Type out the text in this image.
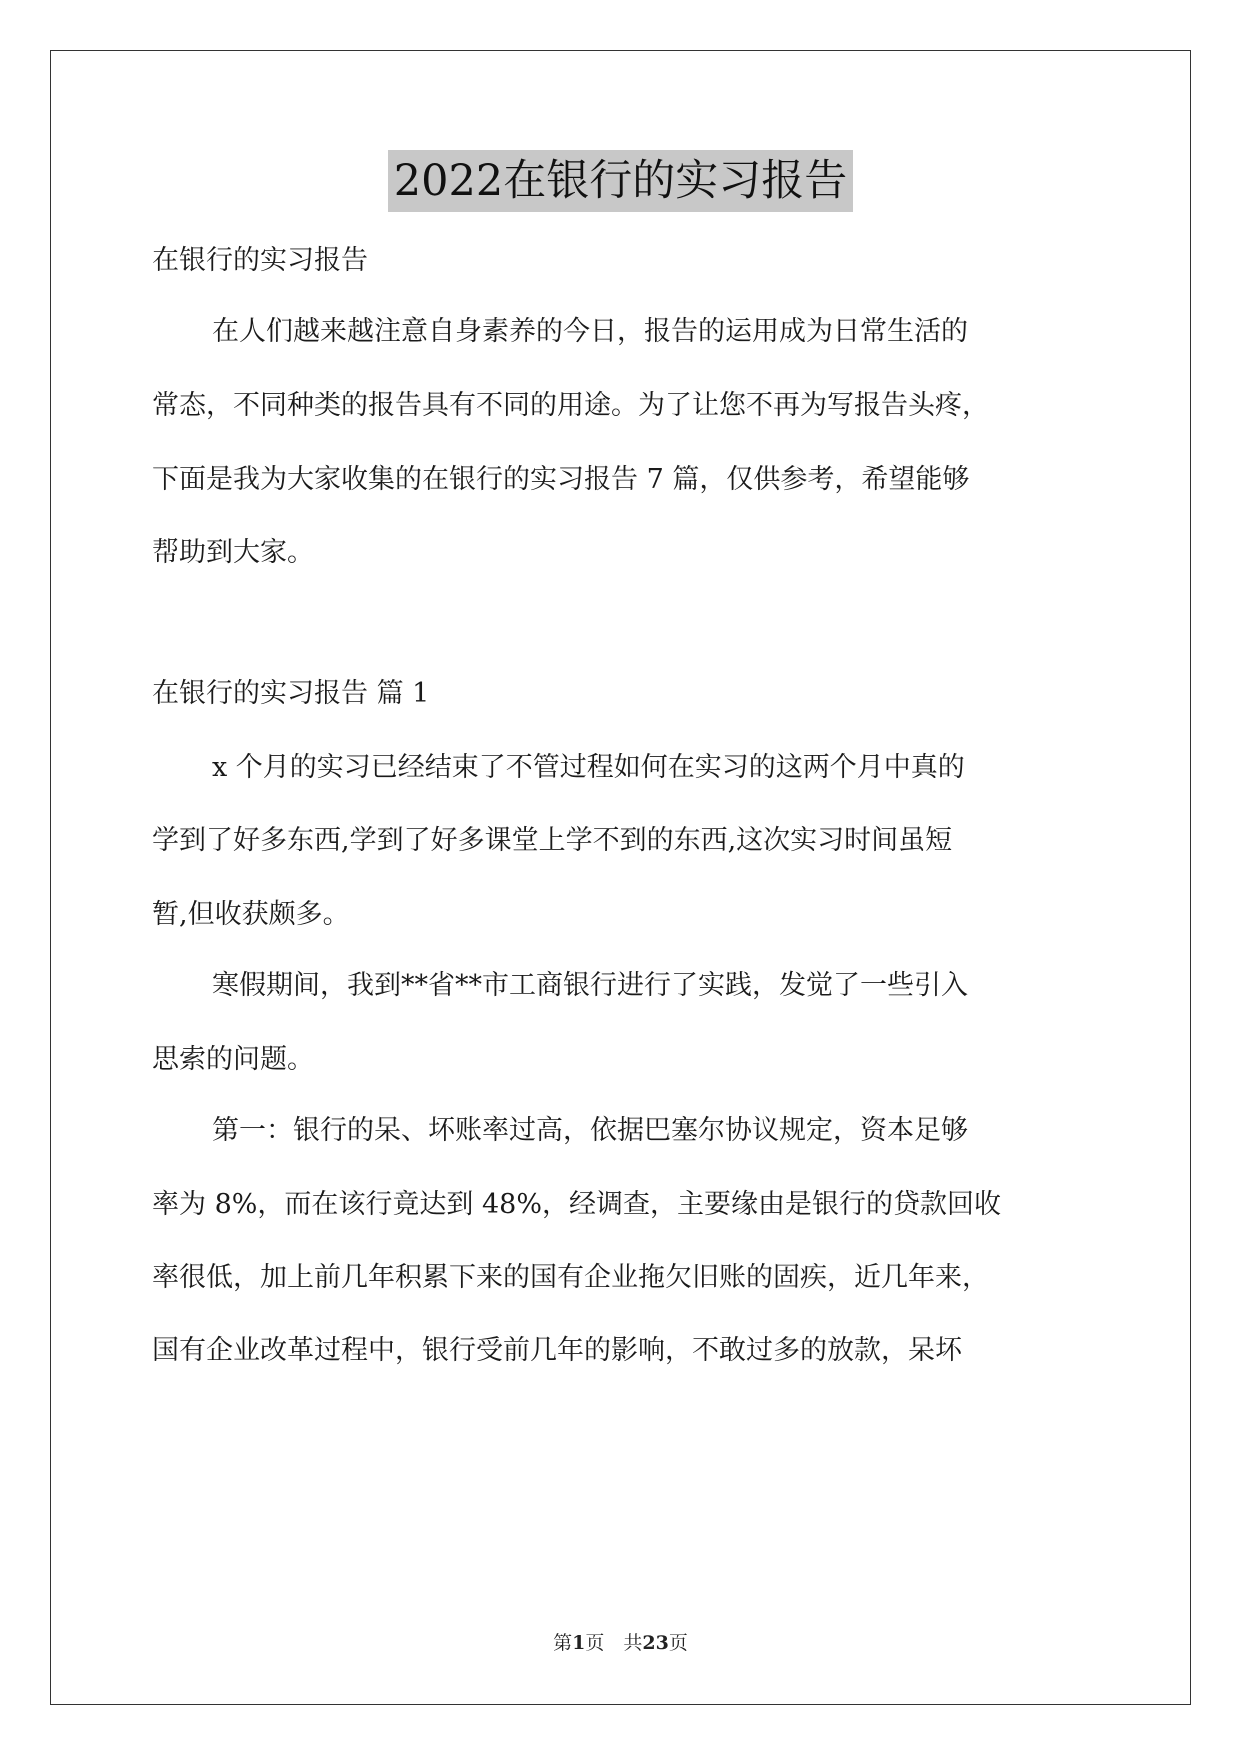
2022在银行的实习报告
在银行的实习报告
在人们越来越注意自身素养的今日，报告的运用成为日常生活的
常态，不同种类的报告具有不同的用途。为了让您不再为写报告头疼，
下面是我为大家收集的在银行的实习报告 7 篇，仅供参考，希望能够
帮助到大家。
在银行的实习报告 篇 1
x 个月的实习已经结束了不管过程如何在实习的这两个月中真的
学到了好多东西,学到了好多课堂上学不到的东西,这次实习时间虽短
暂,但收获颇多。
寒假期间，我到**省**市工商银行进行了实践，发觉了一些引入
思索的问题。
第一：银行的呆、坏账率过高，依据巴塞尔协议规定，资本足够
率为 8%，而在该行竟达到 48%，经调查，主要缘由是银行的贷款回收
率很低，加上前几年积累下来的国有企业拖欠旧账的固疾，近几年来，
国有企业改革过程中，银行受前几年的影响，不敢过多的放款，呆坏
第1页　共23页
